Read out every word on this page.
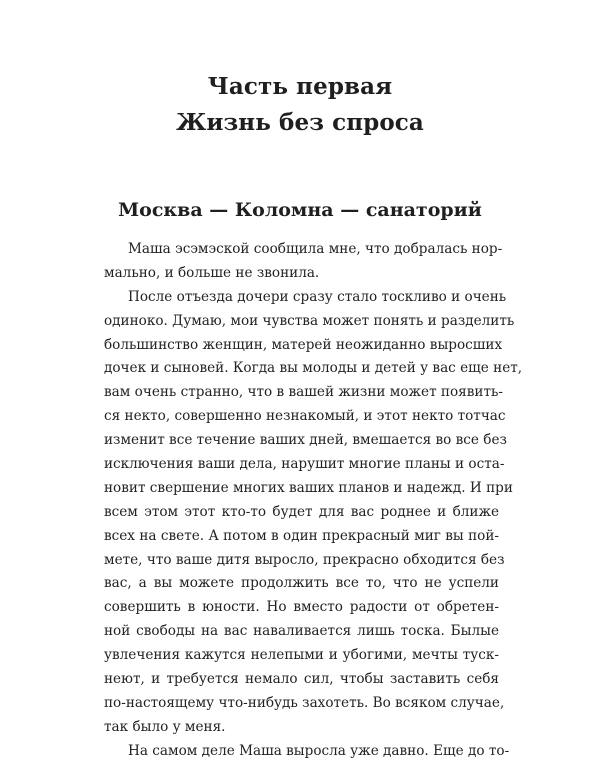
Часть первая
Жизнь без спроса
Москва — Коломна — санаторий
Маша эсэмэской сообщила мне, что добралась нор-
мально, и больше не звонила.
После отъезда дочери сразу стало тоскливо и очень
одиноко. Думаю, мои чувства может понять и разделить
большинство женщин, матерей неожиданно выросших
дочек и сыновей. Когда вы молоды и детей у вас еще нет,
вам очень странно, что в вашей жизни может появить-
ся некто, совершенно незнакомый, и этот некто тотчас
изменит все течение ваших дней, вмешается во все без
исключения ваши дела, нарушит многие планы и оста-
новит свершение многих ваших планов и надежд. И при
всем этом этот кто-то будет для вас роднее и ближе
всех на свете. А потом в один прекрасный миг вы пой-
мете, что ваше дитя выросло, прекрасно обходится без
вас, а вы можете продолжить все то, что не успели
совершить в юности. Но вместо радости от обретен-
ной свободы на вас наваливается лишь тоска. Былые
увлечения кажутся нелепыми и убогими, мечты туск-
неют, и требуется немало сил, чтобы заставить себя
по-настоящему что-нибудь захотеть. Во всяком случае,
так было у меня.
На самом деле Маша выросла уже давно. Еще до то-
